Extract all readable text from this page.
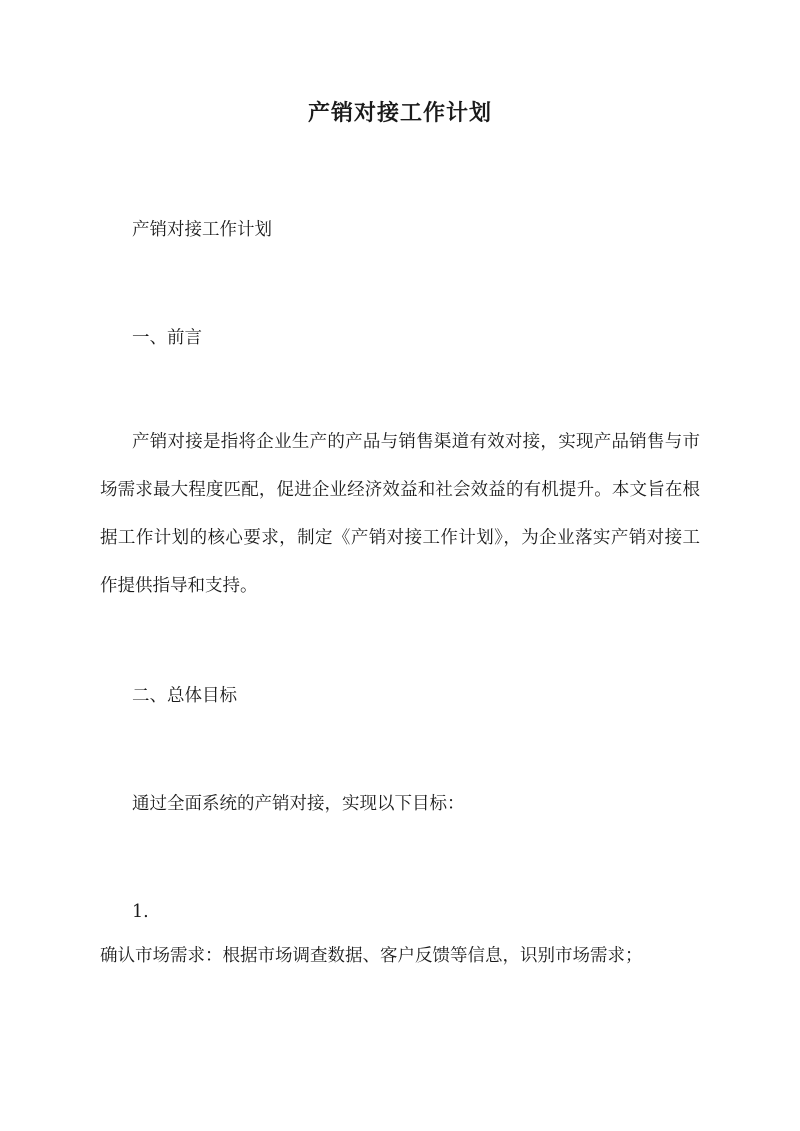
产销对接工作计划
产销对接工作计划
一、前言
产销对接是指将企业生产的产品与销售渠道有效对接，实现产品销售与市场需求最大程度匹配，促进企业经济效益和社会效益的有机提升。本文旨在根据工作计划的核心要求，制定《产销对接工作计划》，为企业落实产销对接工作提供指导和支持。
二、总体目标
通过全面系统的产销对接，实现以下目标：
1.
确认市场需求：根据市场调查数据、客户反馈等信息，识别市场需求；
